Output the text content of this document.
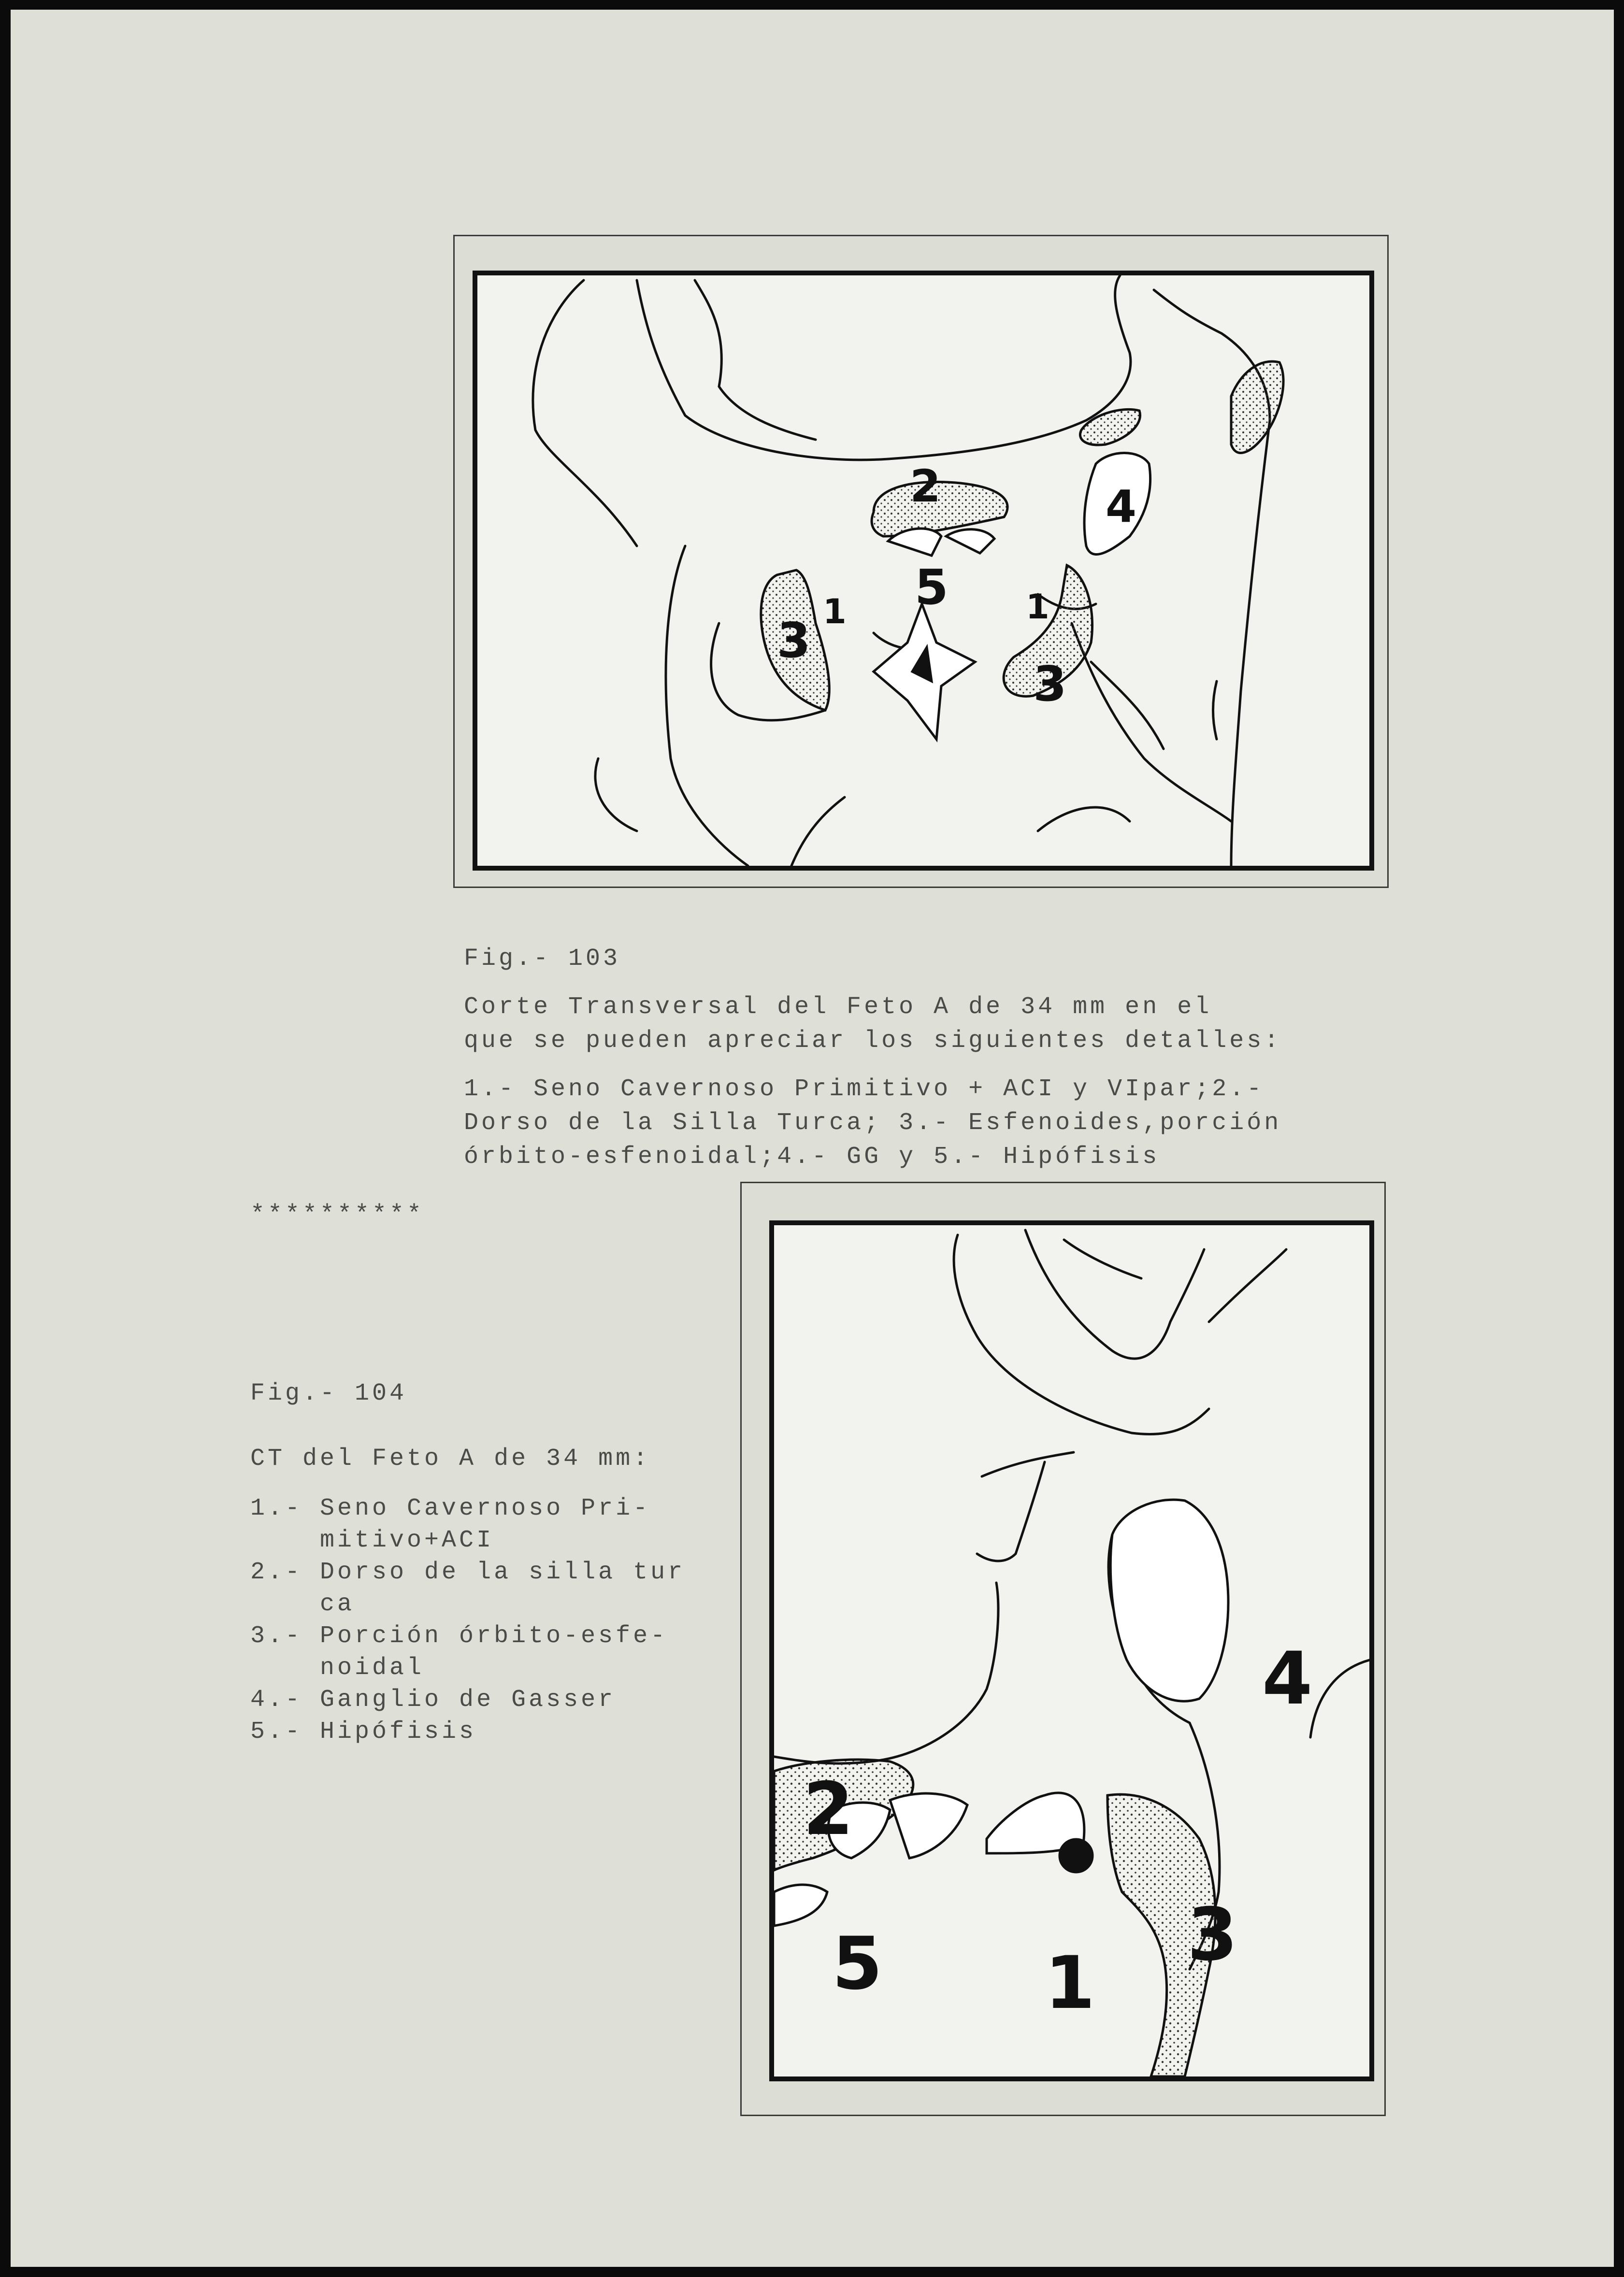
2	4
5
3
3
1	1

Fig.- 103

Corte Transversal del Feto A de 34 mm en el

que se pueden apreciar los siguientes detalles:

1.- Seno Cavernoso Primitivo + ACI y VIpar;2.-

Dorso de la Silla Turca; 3.- Esfenoides,porción

órbito-esfenoidal;4.- GG y 5.- Hipófisis

**********

4
2
5 1
3

Fig.- 104

CT del Feto A de 34 mm:

1.- Seno Cavernoso Pri-

mitivo+ACI

2.- Dorso de la silla tur

ca

3.- Porción órbito-esfe-

noidal

4.- Ganglio de Gasser

5.- Hipófisis
